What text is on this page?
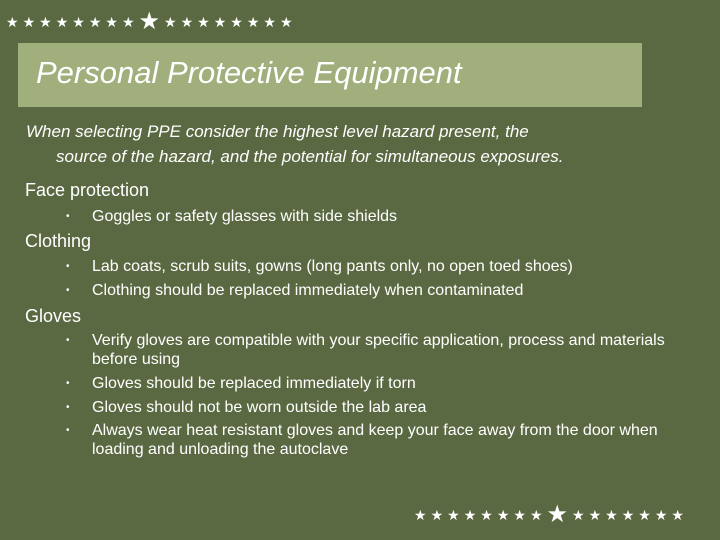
★ ★ ★ ★ ★ ★ ★ ★ ★ ★ ★ ★ ★ ★ ★ ★ ★
Personal Protective Equipment
When selecting PPE consider the highest level hazard present, the
source of the hazard, and the potential for simultaneous exposures.
Face protection
•	Goggles or safety glasses with side shields
Clothing
•	Lab coats, scrub suits, gowns (long pants only, no open toed shoes)
•	Clothing should be replaced immediately when contaminated
Gloves
•	Verify gloves are compatible with your specific application, process and materials before using
•	Gloves should be replaced immediately if torn
•	Gloves should not be worn outside the lab area
•	Always wear heat resistant gloves and keep your face away from the door when loading and unloading the autoclave
★ ★ ★ ★ ★ ★ ★ ★ ★ ★ ★ ★ ★ ★ ★ ★
